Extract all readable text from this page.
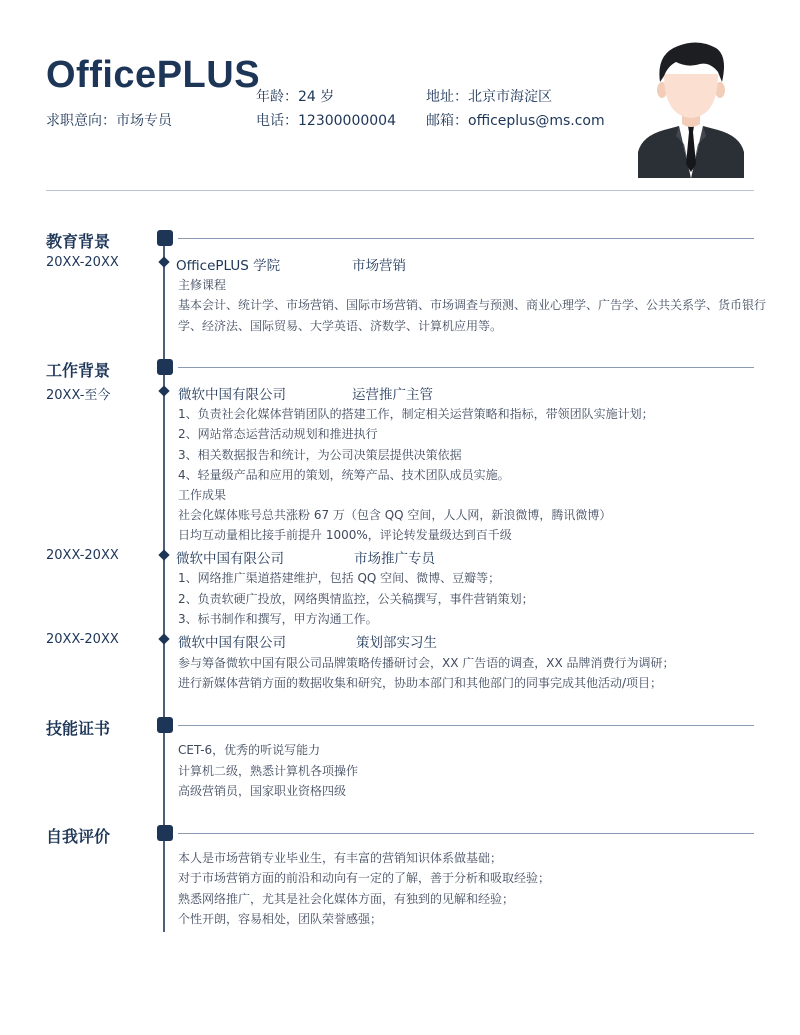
OfficePLUS
求职意向：市场专员
年龄：24 岁
电话：12300000004
地址：北京市海淀区
邮箱：officeplus@ms.com
教育背景
20XX-20XX	OfficePLUS 学院	市场营销
主修课程
基本会计、统计学、市场营销、国际市场营销、市场调查与预测、商业心理学、广告学、公共关系学、货币银行
学、经济法、国际贸易、大学英语、济数学、计算机应用等。
工作背景
20XX-至今	微软中国有限公司	运营推广主管
1、负责社会化媒体营销团队的搭建工作，制定相关运营策略和指标，带领团队实施计划；
2、网站常态运营活动规划和推进执行
3、相关数据报告和统计，为公司决策层提供决策依据
4、轻量级产品和应用的策划，统筹产品、技术团队成员实施。
工作成果
社会化媒体账号总共涨粉 67 万（包含 QQ 空间，人人网，新浪微博，腾讯微博）
日均互动量相比接手前提升 1000%，评论转发量级达到百千级
20XX-20XX	微软中国有限公司	市场推广专员
1、网络推广渠道搭建维护，包括 QQ 空间、微博、豆瓣等；
2、负责软硬广投放，网络舆情监控，公关稿撰写，事件营销策划；
3、标书制作和撰写，甲方沟通工作。
20XX-20XX	微软中国有限公司	策划部实习生
参与筹备微软中国有限公司品牌策略传播研讨会，XX 广告语的调查，XX 品牌消费行为调研；
进行新媒体营销方面的数据收集和研究，协助本部门和其他部门的同事完成其他活动/项目；
技能证书
CET-6，优秀的听说写能力
计算机二级，熟悉计算机各项操作
高级营销员，国家职业资格四级
自我评价
本人是市场营销专业毕业生，有丰富的营销知识体系做基础；
对于市场营销方面的前沿和动向有一定的了解，善于分析和吸取经验；
熟悉网络推广，尤其是社会化媒体方面，有独到的见解和经验；
个性开朗，容易相处，团队荣誉感强；
